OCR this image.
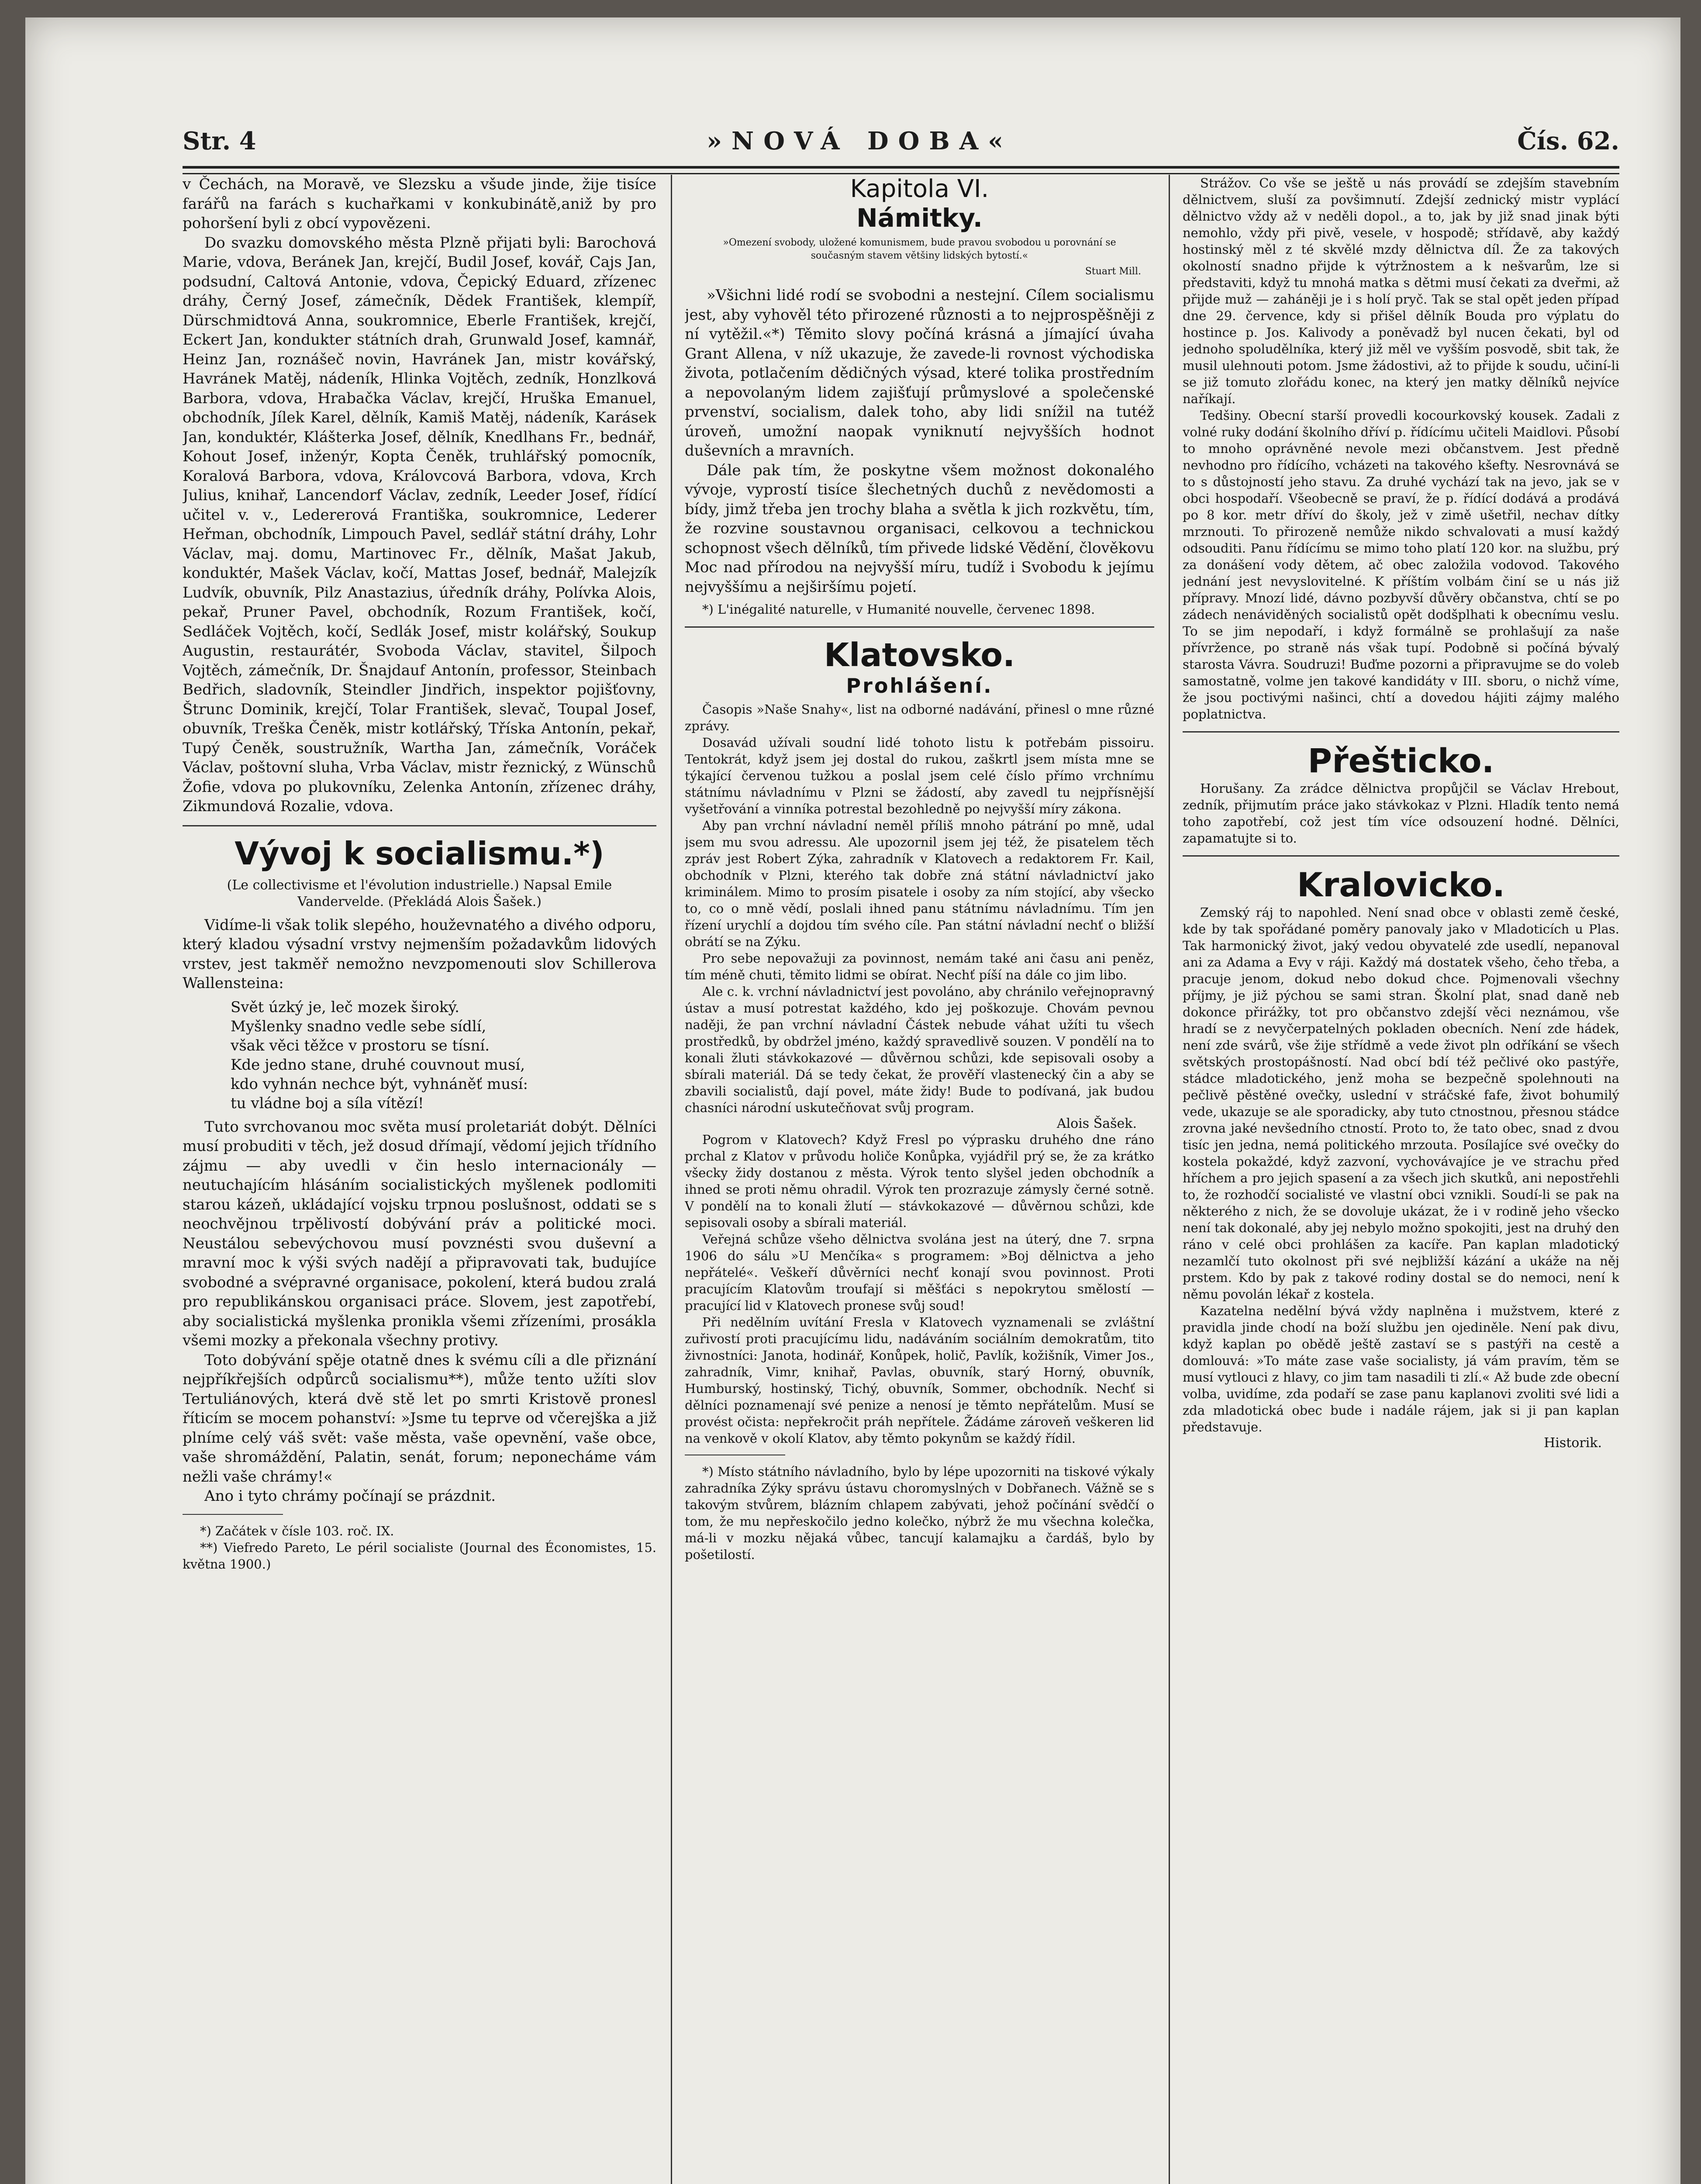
Str. 4	»NOVÁ DOBA«	Čís. 62.

v Čechách, na Moravě, ve Slezsku a všude jinde, žije tisíce farářů na farách s kuchařkami v konkubinátě,aniž by pro pohoršení byli z obcí vypovězeni.

Do svazku domovského města Plzně přijati byli: Barochová Marie, vdova, Beránek Jan, krejčí, Budil Josef, kovář, Cajs Jan, podsudní, Caltová Antonie, vdova, Čepický Eduard, zřízenec dráhy, Černý Josef, zámečník, Dědek František, klempíř, Dürschmidtová Anna, soukromnice, Eberle František, krejčí, Eckert Jan, kondukter státních drah, Grunwald Josef, kamnář, Heinz Jan, roznášeč novin, Havránek Jan, mistr kovářský, Havránek Matěj, nádeník, Hlinka Vojtěch, zedník, Honzlková Barbora, vdova, Hrabačka Václav, krejčí, Hruška Emanuel, obchodník, Jílek Karel, dělník, Kamiš Matěj, nádeník, Karásek Jan, konduktér, Klášterka Josef, dělník, Knedlhans Fr., bednář, Kohout Josef, inženýr, Kopta Čeněk, truhlářský pomocník, Koralová Barbora, vdova, Královcová Barbora, vdova, Krch Julius, knihař, Lancendorf Václav, zedník, Leeder Josef, řídící učitel v. v., Ledererová Františka, soukromnice, Lederer Heřman, obchodník, Limpouch Pavel, sedlář státní dráhy, Lohr Václav, maj. domu, Martinovec Fr., dělník, Mašat Jakub, konduktér, Mašek Václav, kočí, Mattas Josef, bednář, Malejzík Ludvík, obuvník, Pilz Anastazius, úředník dráhy, Polívka Alois, pekař, Pruner Pavel, obchodník, Rozum František, kočí, Sedláček Vojtěch, kočí, Sedlák Josef, mistr kolářský, Soukup Augustin, restaurátér, Svoboda Václav, stavitel, Šilpoch Vojtěch, zámečník, Dr. Šnajdauf Antonín, professor, Steinbach Bedřich, sladovník, Steindler Jindřich, inspektor pojišťovny, Štrunc Dominik, krejčí, Tolar František, slevač, Toupal Josef, obuvník, Treška Čeněk, mistr kotlářský, Tříska Antonín, pekař, Tupý Čeněk, soustružník, Wartha Jan, zámečník, Voráček Václav, poštovní sluha, Vrba Václav, mistr řeznický, z Wünschů Žofie, vdova po plukovníku, Zelenka Antonín, zřízenec dráhy, Zikmundová Rozalie, vdova.

Vývoj k socialismu.*)

(Le collectivisme et l'évolution industrielle.) Napsal Emile Vandervelde. (Překládá Alois Šašek.)

Vidíme-li však tolik slepého, houževnatého a divého odporu, který kladou výsadní vrstvy nejmenším požadavkům lidových vrstev, jest takměř nemožno nevzpomenouti slov Schillerova Wallensteina:

Svět úzký je, leč mozek široký.
Myšlenky snadno vedle sebe sídlí,
však věci těžce v prostoru se tísní.
Kde jedno stane, druhé couvnout musí,
kdo vyhnán nechce být, vyhnáněť musí:
tu vládne boj a síla vítězí!

Tuto svrchovanou moc světa musí proletariát dobýt. Dělníci musí probuditi v těch, jež dosud dřímají, vědomí jejich třídního zájmu — aby uvedli v čin heslo internacionály — neutuchajícím hlásáním socialistických myšlenek podlomiti starou kázeň, ukládající vojsku trpnou poslušnost, oddati se s neochvějnou trpělivostí dobývání práv a politické moci. Neustálou sebevýchovou musí povznésti svou duševní a mravní moc k výši svých nadějí a připravovati tak, budujíce svobodné a svépravné organisace, pokolení, která budou zralá pro republikánskou organisaci práce. Slovem, jest zapotřebí, aby socialistická myšlenka pronikla všemi zřízeními, prosákla všemi mozky a překonala všechny protivy.

Toto dobývání spěje otatně dnes k svému cíli a dle přiznání nejpříkřejších odpůrců socialismu**), může tento užíti slov Tertuliánových, která dvě stě let po smrti Kristově pronesl říticím se mocem pohanství: »Jsme tu teprve od včerejška a již plníme celý váš svět: vaše města, vaše opevnění, vaše obce, vaše shromáždění, Palatin, senát, forum; neponecháme vám nežli vaše chrámy!«

Ano i tyto chrámy počínají se prázdnit.

*) Začátek v čísle 103. roč. IX.

**) Viefredo Pareto, Le péril socialiste (Journal des Économistes, 15. května 1900.)

Kapitola VI.

Námitky.

»Omezení svobody, uložené komunismem, bude pravou svobodou u porovnání se současným stavem většiny lidských bytostí.«

Stuart Mill.

»Všichni lidé rodí se svobodni a nestejní. Cílem socialismu jest, aby vyhověl této přirozené různosti a to nejprospěšněji z ní vytěžil.«*) Těmito slovy počíná krásná a jímající úvaha Grant Allena, v níž ukazuje, že zavede-li rovnost východiska života, potlačením dědičných výsad, které tolika prostředním a nepovolaným lidem zajišťují průmyslové a společenské prvenství, socialism, dalek toho, aby lidi snížil na tutéž úroveň, umožní naopak vyniknutí nejvyšších hodnot duševních a mravních.

Dále pak tím, že poskytne všem možnost dokonalého vývoje, vyprostí tisíce šlechetných duchů z nevědomosti a bídy, jimž třeba jen trochy blaha a světla k jich rozkvětu, tím, že rozvine soustavnou organisaci, celkovou a technickou schopnost všech dělníků, tím přivede lidské Vědění, člověkovu Moc nad přírodou na nejvyšší míru, tudíž i Svobodu k jejímu nejvyššímu a nejširšímu pojetí.

*) L'inégalité naturelle, v Humanité nouvelle, červenec 1898.

Klatovsko.

Prohlášení.

Časopis »Naše Snahy«, list na odborné nadávání, přinesl o mne různé zprávy.

Dosavád užívali soudní lidé tohoto listu k potřebám pissoiru. Tentokrát, když jsem jej dostal do rukou, zaškrtl jsem místa mne se týkající červenou tužkou a poslal jsem celé číslo přímo vrchnímu státnímu návladnímu v Plzni se žádostí, aby zavedl tu nejpřísnější vyšetřování a vinníka potrestal bezohledně po nejvyšší míry zákona.

Aby pan vrchní návladní neměl příliš mnoho pátrání po mně, udal jsem mu svou adressu. Ale upozornil jsem jej též, že pisatelem těch zpráv jest Robert Zýka, zahradník v Klatovech a redaktorem Fr. Kail, obchodník v Plzni, kterého tak dobře zná státní návladnictví jako kriminálem. Mimo to prosím pisatele i osoby za ním stojící, aby všecko to, co o mně vědí, poslali ihned panu státnímu návladnímu. Tím jen řízení urychlí a dojdou tím svého cíle. Pan státní návladní nechť o bližší obrátí se na Zýku.

Pro sebe nepovažuji za povinnost, nemám také ani času ani peněz, tím méně chuti, těmito lidmi se obírat. Nechť píší na dále co jim libo.

Ale c. k. vrchní návladnictví jest povoláno, aby chránilo veřejnopravný ústav a musí potrestat každého, kdo jej poškozuje. Chovám pevnou naději, že pan vrchní návladní Částek nebude váhat užíti tu všech prostředků, by obdržel jméno, každý spravedlivě souzen. V pondělí na to konali žluti stávkokazové — důvěrnou schůzi, kde sepisovali osoby a sbírali materiál. Dá se tedy čekat, že prověří vlastenecký čin a aby se zbavili socialistů, dají povel, máte židy! Bude to podívaná, jak budou chasníci národní uskutečňovat svůj program.

Alois Šašek.

Pogrom v Klatovech? Když Fresl po výprasku druhého dne ráno prchal z Klatov v průvodu holiče Konůpka, vyjádřil prý se, že za krátko všecky židy dostanou z města. Výrok tento slyšel jeden obchodník a ihned se proti němu ohradil. Výrok ten prozrazuje zámysly černé sotně. V pondělí na to konali žlutí — stávkokazové — důvěrnou schůzi, kde sepisovali osoby a sbírali materiál.

Veřejná schůze všeho dělnictva svolána jest na úterý, dne 7. srpna 1906 do sálu »U Menčíka« s programem: »Boj dělnictva a jeho nepřátelé«. Veškeří důvěrníci nechť konají svou povinnost. Proti pracujícím Klatovům troufají si měšťáci s nepokrytou smělostí — pracující lid v Klatovech pronese svůj soud!

Při nedělním uvítání Fresla v Klatovech vyznamenali se zvláštní zuřivostí proti pracujícímu lidu, nadáváním sociálním demokratům, tito živnostníci: Janota, hodinář, Konůpek, holič, Pavlík, kožišník, Vimer Jos., zahradník, Vimr, knihař, Pavlas, obuvník, starý Horný, obuvník, Humburský, hostinský, Tichý, obuvník, Sommer, obchodník. Nechť si dělníci poznamenají své penize a nenosí je těmto nepřátelům. Musí se provést očista: nepřekročit práh nepřítele. Žádáme zároveň veškeren lid na venkově v okolí Klatov, aby těmto pokynům se každý řídil.

*) Místo státního návladního, bylo by lépe upozorniti na tiskové výkaly zahradníka Zýky správu ústavu choromyslných v Dobřanech. Vážně se s takovým stvůrem, blázním chlapem zabývati, jehož počínání svědčí o tom, že mu nepřeskočilo jedno kolečko, nýbrž že mu všechna kolečka, má-li v mozku nějaká vůbec, tancují kalamajku a čardáš, bylo by pošetilostí.

Strážov. Co vše se ještě u nás provádí se zdejším stavebním dělnictvem, sluší za povšimnutí. Zdejší zednický mistr vyplácí dělnictvo vždy až v neděli dopol., a to, jak by již snad jinak býti nemohlo, vždy při pivě, vesele, v hospodě; střídavě, aby každý hostinský měl z té skvělé mzdy dělnictva díl. Že za takových okolností snadno přijde k výtržnostem a k nešvarům, lze si představiti, když tu mnohá matka s dětmi musí čekati za dveřmi, až přijde muž — zaháněji je i s holí pryč. Tak se stal opět jeden případ dne 29. července, kdy si přišel dělník Bouda pro výplatu do hostince p. Jos. Kalivody a poněvadž byl nucen čekati, byl od jednoho spoludělníka, který již měl ve vyšším posvodě, sbit tak, že musil ulehnouti potom. Jsme žádostivi, až to přijde k soudu, učiní-li se již tomuto zlořádu konec, na který jen matky dělníků nejvíce naříkají.

Tedšiny. Obecní starší provedli kocourkovský kousek. Zadali z volné ruky dodání školního dříví p. řídícímu učiteli Maidlovi. Působí to mnoho oprávněné nevole mezi občanstvem. Jest předně nevhodno pro řídícího, vcházeti na takového kšefty. Nesrovnává se to s důstojností jeho stavu. Za druhé vychází tak na jevo, jak se v obci hospodaří. Všeobecně se praví, že p. řídící dodává a prodává po 8 kor. metr dříví do školy, jež v zimě ušetřil, nechav dítky mrznouti. To přirozeně nemůže nikdo schvalovati a musí každý odsouditi. Panu řídícímu se mimo toho platí 120 kor. na službu, prý za donášení vody dětem, ač obec založila vodovod. Takového jednání jest nevyslovitelné. K příštím volbám činí se u nás již přípravy. Mnozí lidé, dávno pozbyvší důvěry občanstva, chtí se po zádech nenáviděných socialistů opět dodšplhati k obecnímu veslu. To se jim nepodaří, i když formálně se prohlašují za naše přívržence, po straně nás však tupí. Podobně si počíná bývalý starosta Vávra. Soudruzi! Buďme pozorni a připravujme se do voleb samostatně, volme jen takové kandidáty v III. sboru, o nichž víme, že jsou poctivými našinci, chtí a dovedou hájiti zájmy malého poplatnictva.

Přešticko.

Horušany. Za zrádce dělnictva propůjčil se Václav Hrebout, zedník, přijmutím práce jako stávkokaz v Plzni. Hladík tento nemá toho zapotřebí, což jest tím více odsouzení hodné. Dělníci, zapamatujte si to.

Kralovicko.

Zemský ráj to napohled. Není snad obce v oblasti země české, kde by tak spořádané poměry panovaly jako v Mladoticích u Plas. Tak harmonický život, jaký vedou obyvatelé zde usedlí, nepanoval ani za Adama a Evy v ráji. Každý má dostatek všeho, čeho třeba, a pracuje jenom, dokud nebo dokud chce. Pojmenovali všechny příjmy, je již pýchou se sami stran. Školní plat, snad daně neb dokonce přirážky, tot pro občanstvo zdejší věci neznámou, vše hradí se z nevyčerpatelných pokladen obecních. Není zde hádek, není zde svárů, vše žije střídmě a vede život pln odříkání se všech světských prostopášností. Nad obcí bdí též pečlivé oko pastýře, stádce mladotického, jenž moha se bezpečně spolehnouti na pečlivě pěstěné ovečky, uslední v stráčské fafe, život bohumilý vede, ukazuje se ale sporadicky, aby tuto ctnostnou, přesnou stádce zrovna jaké nevšedního ctností. Proto to, že tato obec, snad z dvou tisíc jen jedna, nemá politického mrzouta. Posílajíce své ovečky do kostela pokaždé, když zazvoní, vychovávajíce je ve strachu před hříchem a pro jejich spasení a za všech jich skutků, ani nepostřehli to, že rozhodčí socialisté ve vlastní obci vznikli. Soudí-li se pak na některého z nich, že se dovoluje ukázat, že i v rodině jeho všecko není tak dokonalé, aby jej nebylo možno spokojiti, jest na druhý den ráno v celé obci prohlášen za kacíře. Pan kaplan mladotický nezamlčí tuto okolnost při své nejbližší kázání a ukáže na něj prstem. Kdo by pak z takové rodiny dostal se do nemoci, není k němu povolán lékař z kostela.

Kazatelna nedělní bývá vždy naplněna i mužstvem, které z pravidla jinde chodí na boží službu jen ojediněle. Není pak divu, když kaplan po obědě ještě zastaví se s pastýři na cestě a domlouvá: »To máte zase vaše socialisty, já vám pravím, těm se musí vytlouci z hlavy, co jim tam nasadili ti zlí.« Až bude zde obecní volba, uvidíme, zda podaří se zase panu kaplanovi zvoliti své lidi a zda mladotická obec bude i nadále rájem, jak si ji pan kaplan představuje.

Historik.
